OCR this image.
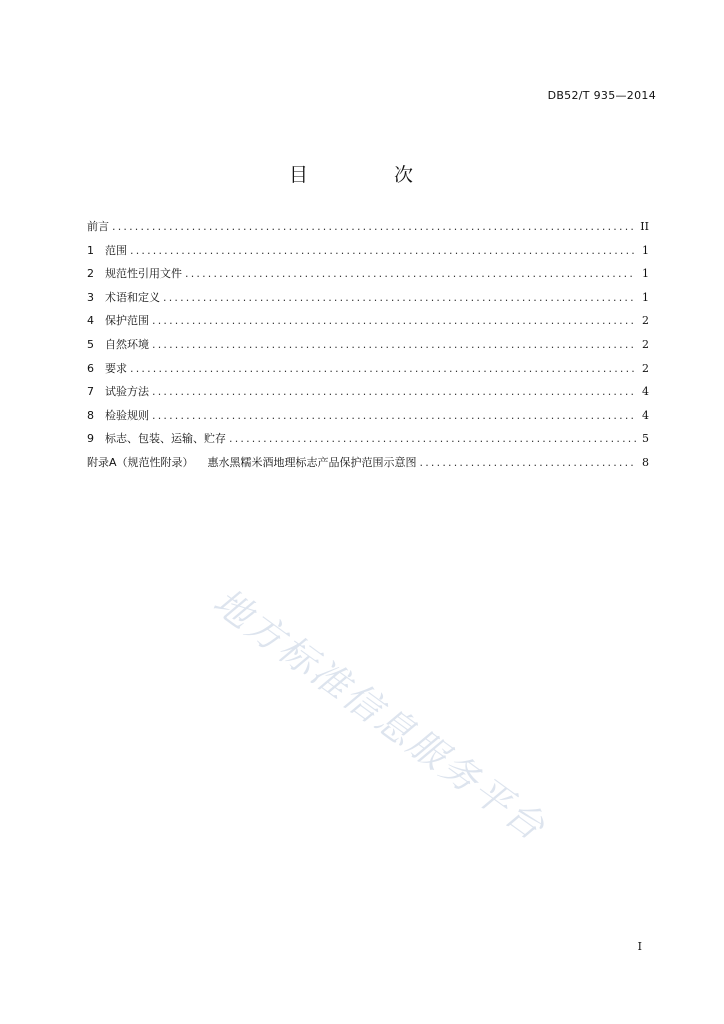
DB52/T 935—2014
目 次
前言 .....	II
1	范围 .....	1
2	规范性引用文件 .....	1
3	术语和定义 .....	1
4	保护范围 .....	2
5	自然环境 .....	2
6	要求 .....	2
7	试验方法 .....	4
8	检验规则 .....	4
9	标志、包装、运输、贮存 .....	5
附录A（规范性附录） 惠水黑糯米酒地理标志产品保护范围示意图 .....	8
地方标准信息服务平台
I
